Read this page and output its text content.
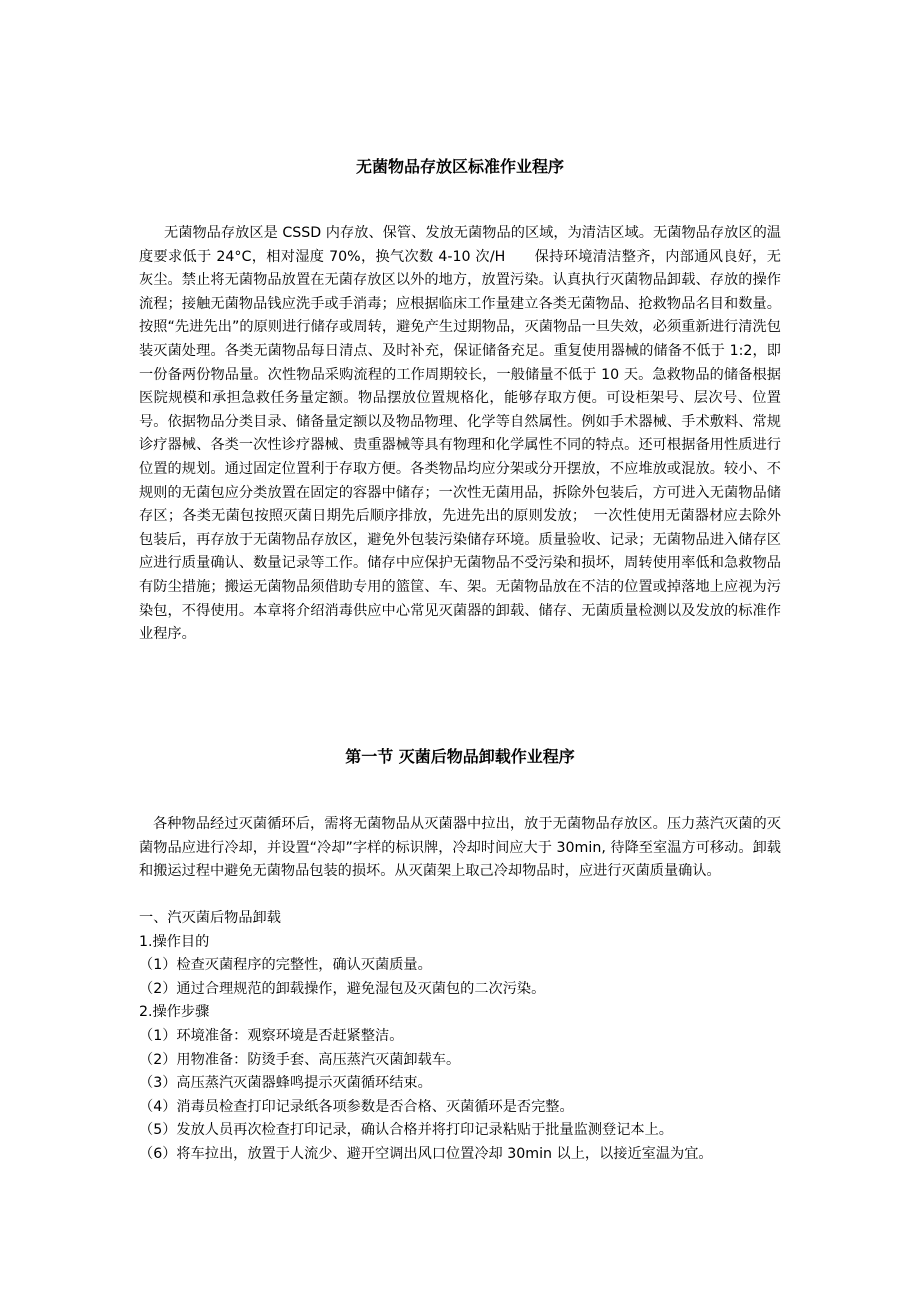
无菌物品存放区标准作业程序
无菌物品存放区是 CSSD 内存放、保管、发放无菌物品的区域，为清洁区域。无菌物品存放区的温度要求低于 24°C，相对湿度 70%，换气次数 4-10 次/H　　保持环境清洁整齐，内部通风良好，无灰尘。禁止将无菌物品放置在无菌存放区以外的地方，放置污染。认真执行灭菌物品卸载、存放的操作流程；接触无菌物品钱应洗手或手消毒；应根据临床工作量建立各类无菌物品、抢救物品名目和数量。按照“先进先出”的原则进行储存或周转，避免产生过期物品，灭菌物品一旦失效，必须重新进行清洗包装灭菌处理。各类无菌物品每日清点、及时补充，保证储备充足。重复使用器械的储备不低于 1:2，即一份备两份物品量。次性物品采购流程的工作周期较长，一般储量不低于 10 天。急救物品的储备根据医院规模和承担急救任务量定额。物品摆放位置规格化，能够存取方便。可设柜架号、层次号、位置号。依据物品分类目录、储备量定额以及物品物理、化学等自然属性。例如手术器械、手术敷料、常规诊疗器械、各类一次性诊疗器械、贵重器械等具有物理和化学属性不同的特点。还可根据备用性质进行位置的规划。通过固定位置利于存取方便。各类物品均应分架或分开摆放，不应堆放或混放。较小、不规则的无菌包应分类放置在固定的容器中储存；一次性无菌用品，拆除外包装后，方可进入无菌物品储存区；各类无菌包按照灭菌日期先后顺序排放，先进先出的原则发放；　一次性使用无菌器材应去除外包装后，再存放于无菌物品存放区，避免外包装污染储存环境。质量验收、记录；无菌物品进入储存区应进行质量确认、数量记录等工作。储存中应保护无菌物品不受污染和损坏，周转使用率低和急救物品有防尘措施；搬运无菌物品须借助专用的篮筐、车、架。无菌物品放在不洁的位置或掉落地上应视为污染包，不得使用。本章将介绍消毒供应中心常见灭菌器的卸载、储存、无菌质量检测以及发放的标准作业程序。
第一节 灭菌后物品卸载作业程序
各种物品经过灭菌循环后，需将无菌物品从灭菌器中拉出，放于无菌物品存放区。压力蒸汽灭菌的灭菌物品应进行冷却，并设置“冷却”字样的标识牌，冷却时间应大于 30min, 待降至室温方可移动。卸载和搬运过程中避免无菌物品包装的损坏。从灭菌架上取己冷却物品时，应进行灭菌质量确认。
一、汽灭菌后物品卸载
1.操作目的
（1）检查灭菌程序的完整性，确认灭菌质量。
（2）通过合理规范的卸载操作，避免湿包及灭菌包的二次污染。
2.操作步骤
（1）环境准备：观察环境是否赶紧整洁。
（2）用物准备：防烫手套、高压蒸汽灭菌卸载车。
（3）高压蒸汽灭菌器蜂鸣提示灭菌循环结束。
（4）消毒员检查打印记录纸各项参数是否合格、灭菌循环是否完整。
（5）发放人员再次检查打印记录，确认合格并将打印记录粘贴于批量监测登记本上。
（6）将车拉出，放置于人流少、避开空调出风口位置冷却 30min 以上，以接近室温为宜。
